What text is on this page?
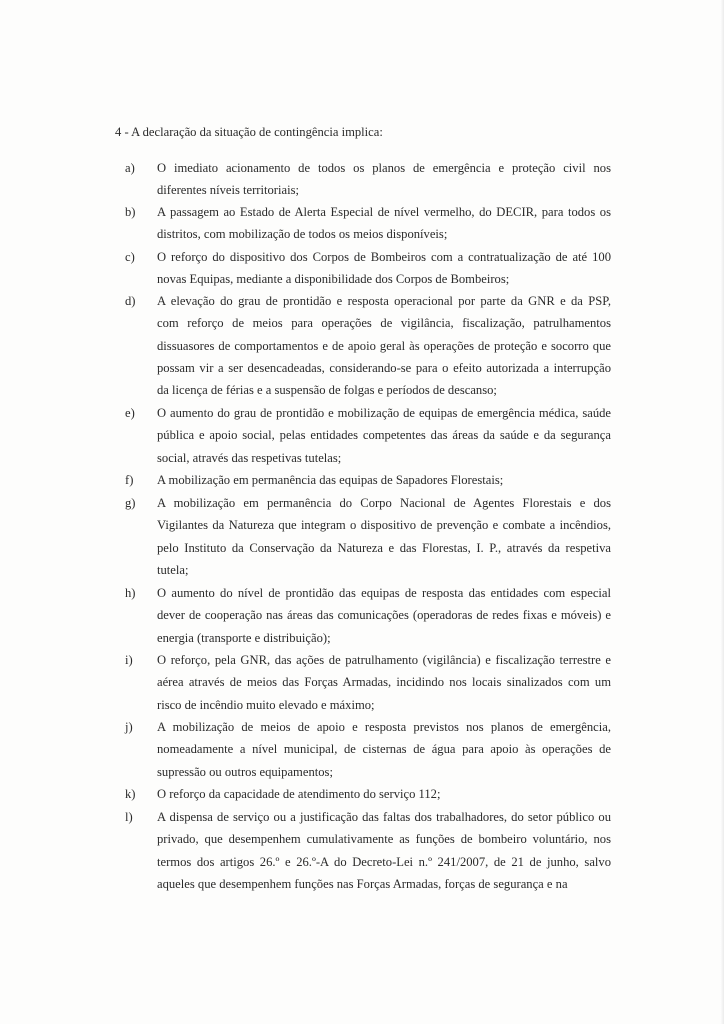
4 - A declaração da situação de contingência implica:
a) O imediato acionamento de todos os planos de emergência e proteção civil nos
diferentes níveis territoriais;
b) A passagem ao Estado de Alerta Especial de nível vermelho, do DECIR, para todos os
distritos, com mobilização de todos os meios disponíveis;
c) O reforço do dispositivo dos Corpos de Bombeiros com a contratualização de até 100
novas Equipas, mediante a disponibilidade dos Corpos de Bombeiros;
d) A elevação do grau de prontidão e resposta operacional por parte da GNR e da PSP,
com reforço de meios para operações de vigilância, fiscalização, patrulhamentos
dissuasores de comportamentos e de apoio geral às operações de proteção e socorro que
possam vir a ser desencadeadas, considerando-se para o efeito autorizada a interrupção
da licença de férias e a suspensão de folgas e períodos de descanso;
e) O aumento do grau de prontidão e mobilização de equipas de emergência médica, saúde
pública e apoio social, pelas entidades competentes das áreas da saúde e da segurança
social, através das respetivas tutelas;
f) A mobilização em permanência das equipas de Sapadores Florestais;
g) A mobilização em permanência do Corpo Nacional de Agentes Florestais e dos
Vigilantes da Natureza que integram o dispositivo de prevenção e combate a incêndios,
pelo Instituto da Conservação da Natureza e das Florestas, I. P., através da respetiva
tutela;
h) O aumento do nível de prontidão das equipas de resposta das entidades com especial
dever de cooperação nas áreas das comunicações (operadoras de redes fixas e móveis) e
energia (transporte e distribuição);
i) O reforço, pela GNR, das ações de patrulhamento (vigilância) e fiscalização terrestre e
aérea através de meios das Forças Armadas, incidindo nos locais sinalizados com um
risco de incêndio muito elevado e máximo;
j) A mobilização de meios de apoio e resposta previstos nos planos de emergência,
nomeadamente a nível municipal, de cisternas de água para apoio às operações de
supressão ou outros equipamentos;
k) O reforço da capacidade de atendimento do serviço 112;
l) A dispensa de serviço ou a justificação das faltas dos trabalhadores, do setor público ou
privado, que desempenhem cumulativamente as funções de bombeiro voluntário, nos
termos dos artigos 26.º e 26.º-A do Decreto-Lei n.º 241/2007, de 21 de junho, salvo
aqueles que desempenhem funções nas Forças Armadas, forças de segurança e na
